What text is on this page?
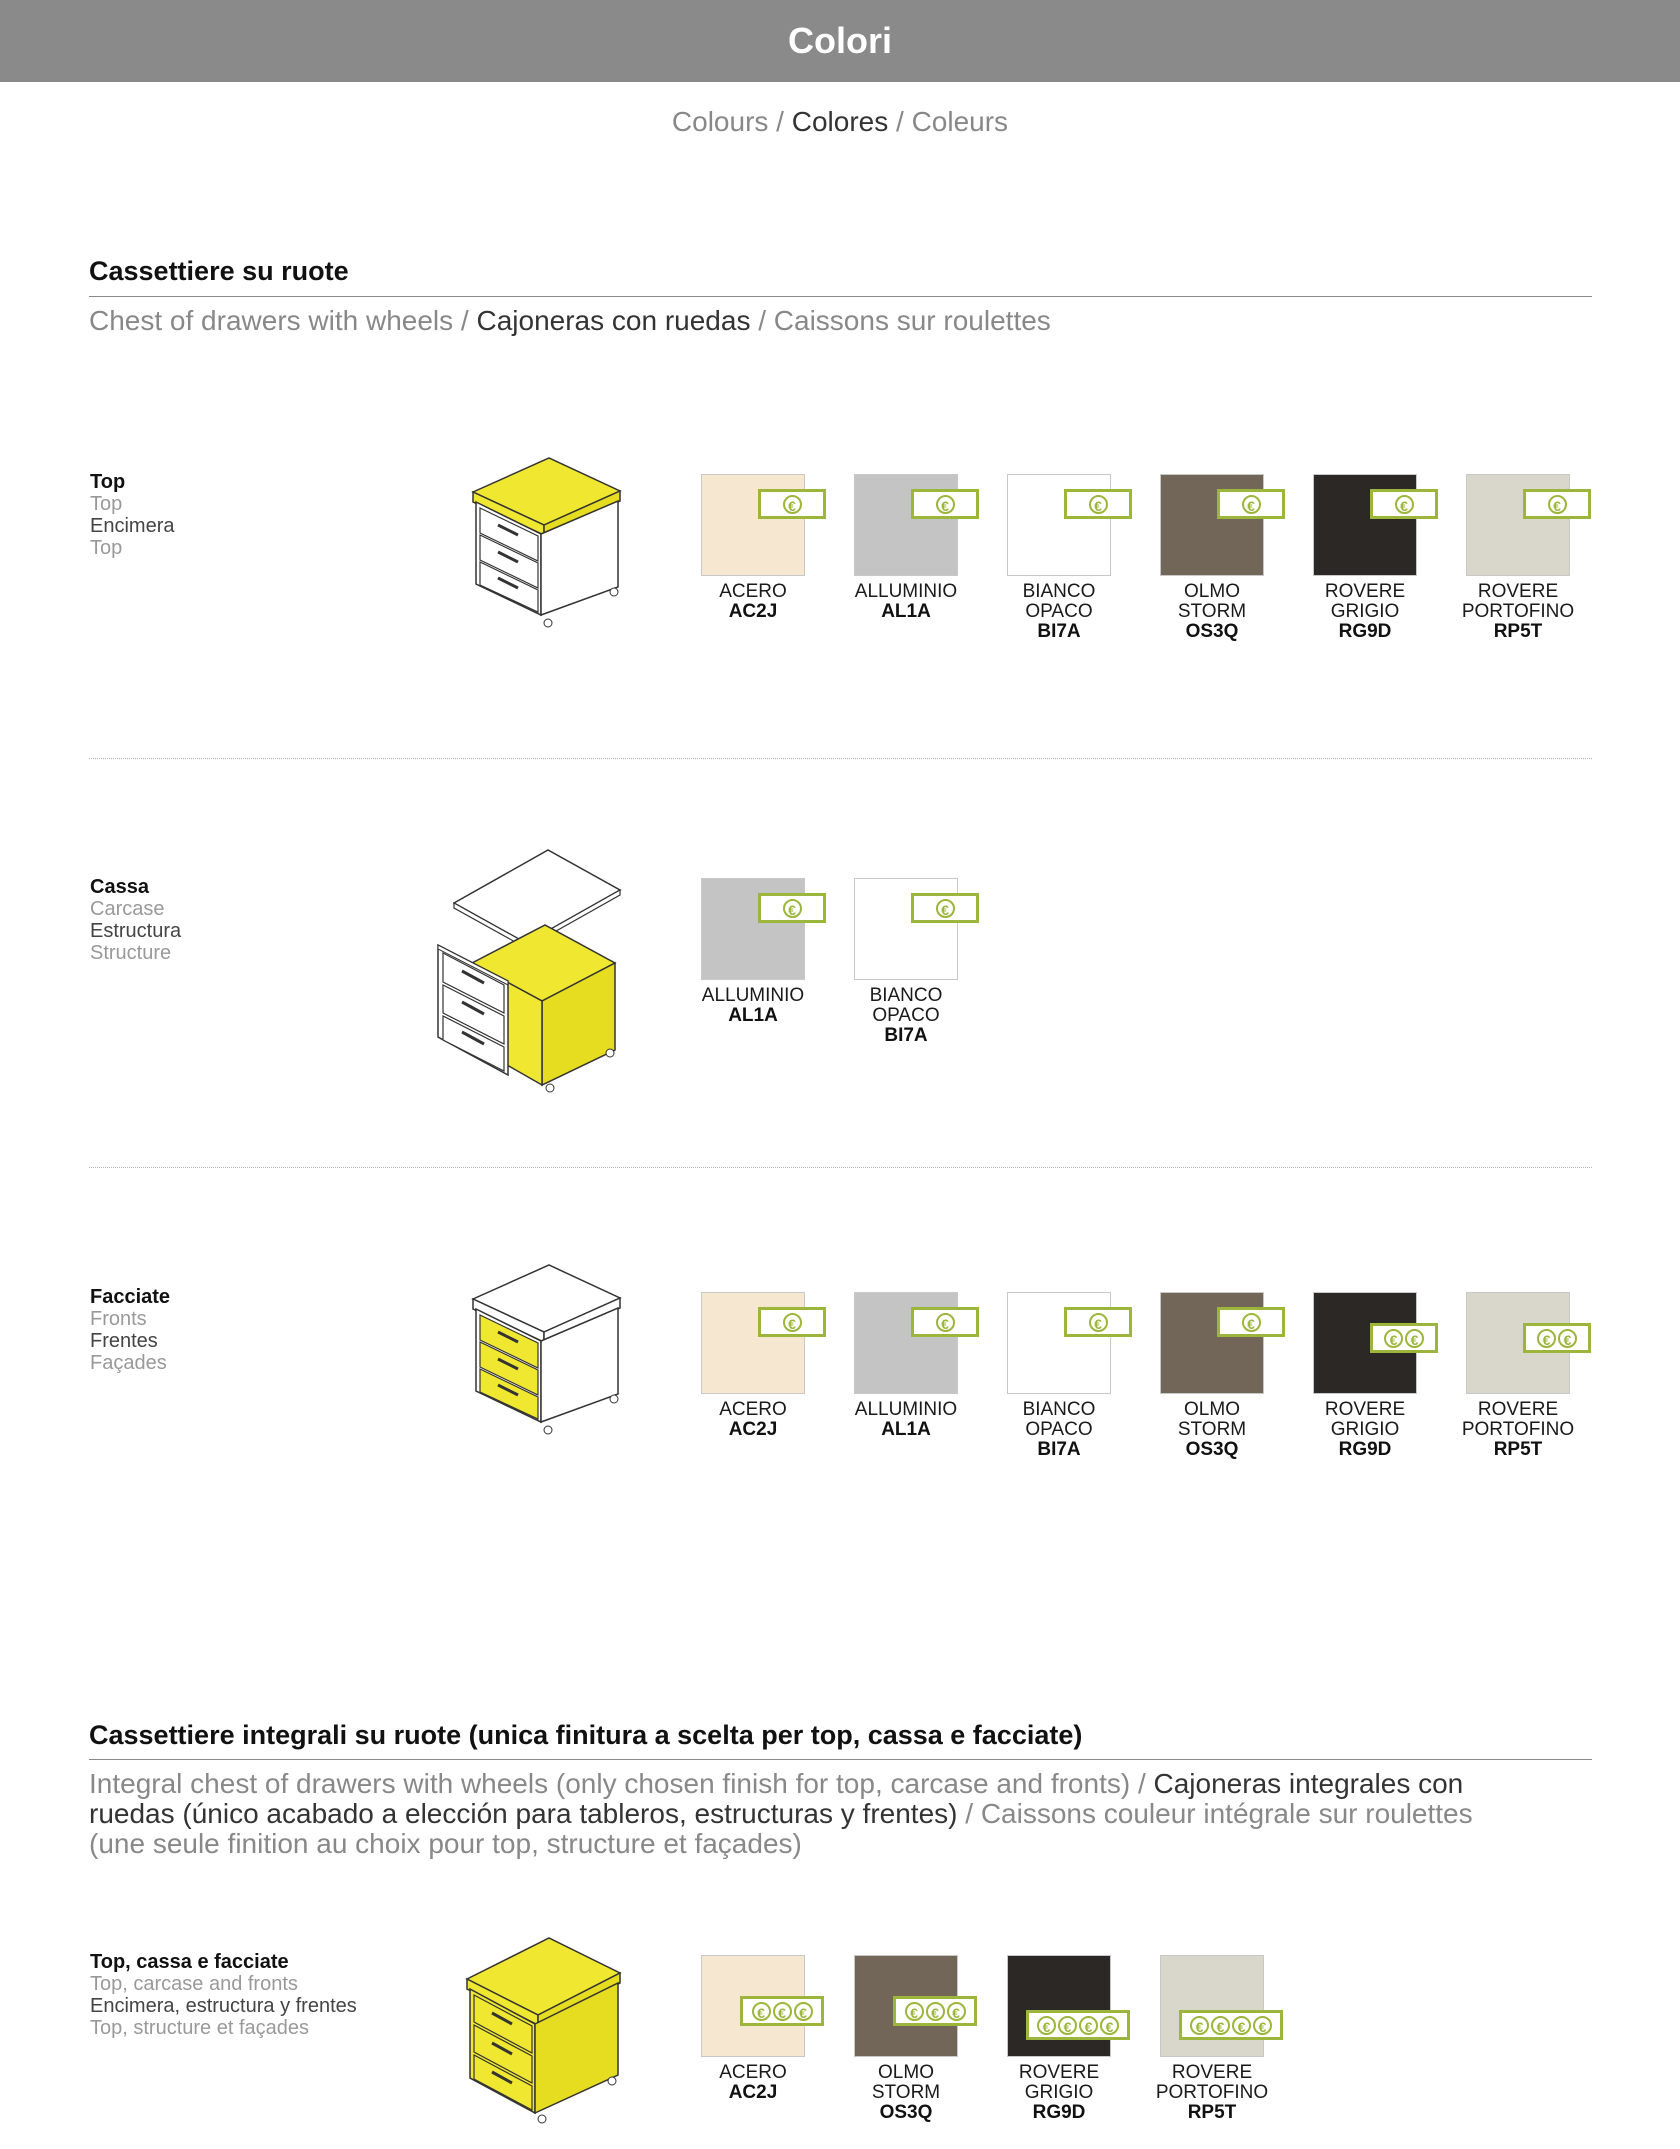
Colori
Colours / Colores / Coleurs
Cassettiere su ruote
Chest of drawers with wheels / Cajoneras con ruedas / Caissons sur roulettes
Top
Top
Encimera
Top
€
ACERO
AC2J
€
ALLUMINIO
AL1A
€
BIANCO
OPACO
BI7A
€
OLMO
STORM
OS3Q
€
ROVERE
GRIGIO
RG9D
€
ROVERE
PORTOFINO
RP5T
Cassa
Carcase
Estructura
Structure
€
ALLUMINIO
AL1A
€
BIANCO
OPACO
BI7A
Facciate
Fronts
Frentes
Façades
€
ACERO
AC2J
€
ALLUMINIO
AL1A
€
BIANCO
OPACO
BI7A
€
OLMO
STORM
OS3Q
€ €
ROVERE
GRIGIO
RG9D
€ €
ROVERE
PORTOFINO
RP5T
Cassettiere integrali su ruote (unica finitura a scelta per top, cassa e facciate)
Integral chest of drawers with wheels (only chosen finish for top, carcase and fronts) / Cajoneras integrales con
ruedas (único acabado a elección para tableros, estructuras y frentes) / Caissons couleur intégrale sur roulettes
(une seule finition au choix pour top, structure et façades)
Top, cassa e facciate
Top, carcase and fronts
Encimera, estructura y frentes
Top, structure et façades
€ € €
ACERO
AC2J
€ € €
OLMO
STORM
OS3Q
€ € € €
ROVERE
GRIGIO
RG9D
€ € € €
ROVERE
PORTOFINO
RP5T
